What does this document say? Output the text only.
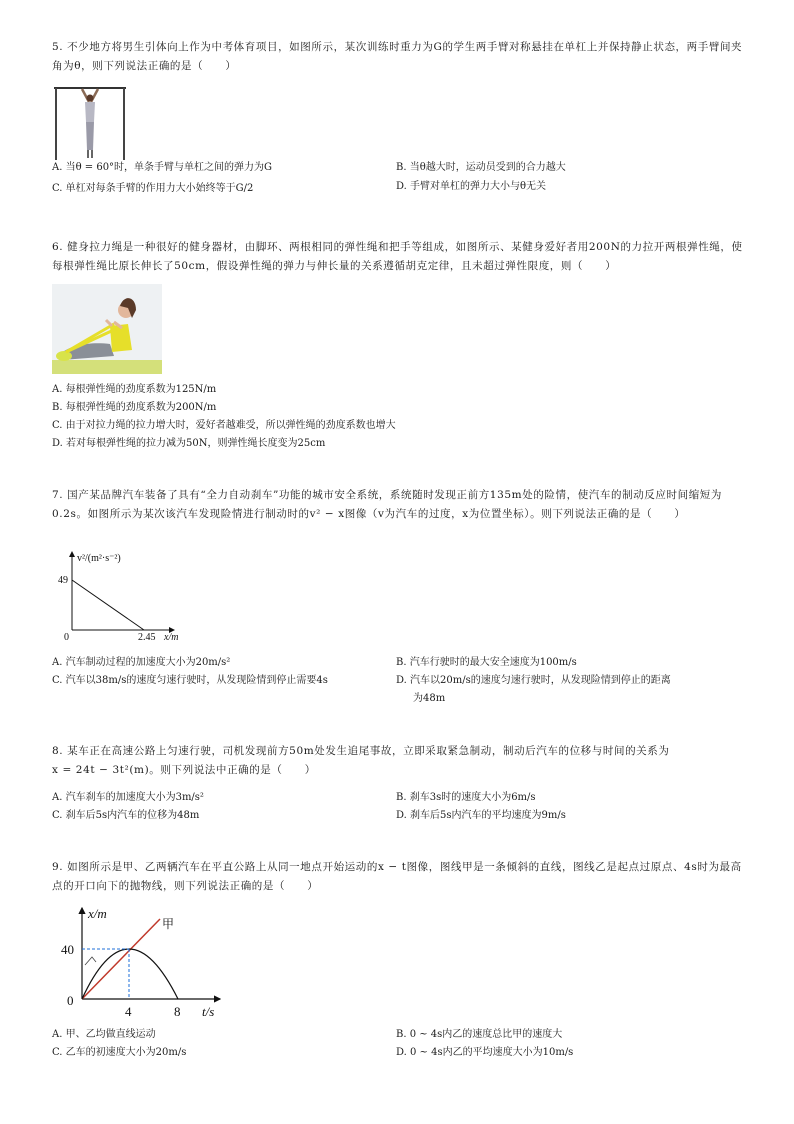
5. 不少地方将男生引体向上作为中考体育项目，如图所示，某次训练时重力为G的学生两手臂对称悬挂在单杠上并保持静止状态，两手臂间夹角为θ，则下列说法正确的是（　　）
A. 当θ = 60°时，单条手臂与单杠之间的弹力为G	B. 当θ越大时，运动员受到的合力越大
C. 单杠对每条手臂的作用力大小始终等于G/2	D. 手臂对单杠的弹力大小与θ无关
6. 健身拉力绳是一种很好的健身器材，由脚环、两根相同的弹性绳和把手等组成，如图所示、某健身爱好者用200N的力拉开两根弹性绳，使每根弹性绳比原长伸长了50cm，假设弹性绳的弹力与伸长量的关系遵循胡克定律，且未超过弹性限度，则（　　）
A. 每根弹性绳的劲度系数为125N/m
B. 每根弹性绳的劲度系数为200N/m
C. 由于对拉力绳的拉力增大时，爱好者越难受，所以弹性绳的劲度系数也增大
D. 若对每根弹性绳的拉力减为50N，则弹性绳长度变为25cm
7. 国产某品牌汽车装备了具有“全力自动刹车”功能的城市安全系统，系统随时发现正前方135m处的险情，使汽车的制动反应时间缩短为0.2s。如图所示为某次该汽车发现险情进行制动时的v² − x图像（v为汽车的过度，x为位置坐标）。则下列说法正确的是（　　）
v²/(m²·s⁻²)
49
0	2.45 x/m
A. 汽车制动过程的加速度大小为20m/s²	B. 汽车行驶时的最大安全速度为100m/s
C. 汽车以38m/s的速度匀速行驶时，从发现险情到停止需要4s	D. 汽车以20m/s的速度匀速行驶时，从发现险情到停止的距离
为48m
8. 某车正在高速公路上匀速行驶，司机发现前方50m处发生追尾事故，立即采取紧急制动，制动后汽车的位移与时间的关系为
x = 24t − 3t²(m)。则下列说法中正确的是（　　）
A. 汽车刹车的加速度大小为3m/s²	B. 刹车3s时的速度大小为6m/s
C. 刹车后5s内汽车的位移为48m	D. 刹车后5s内汽车的平均速度为9m/s
9. 如图所示是甲、乙两辆汽车在平直公路上从同一地点开始运动的x − t图像，图线甲是一条倾斜的直线，图线乙是起点过原点、4s时为最高点的开口向下的抛物线，则下列说法正确的是（　　）
x/m
甲
40
0
4	8 t/s
A. 甲、乙均做直线运动	B. 0 ~ 4s内乙的速度总比甲的速度大
C. 乙车的初速度大小为20m/s	D. 0 ~ 4s内乙的平均速度大小为10m/s
